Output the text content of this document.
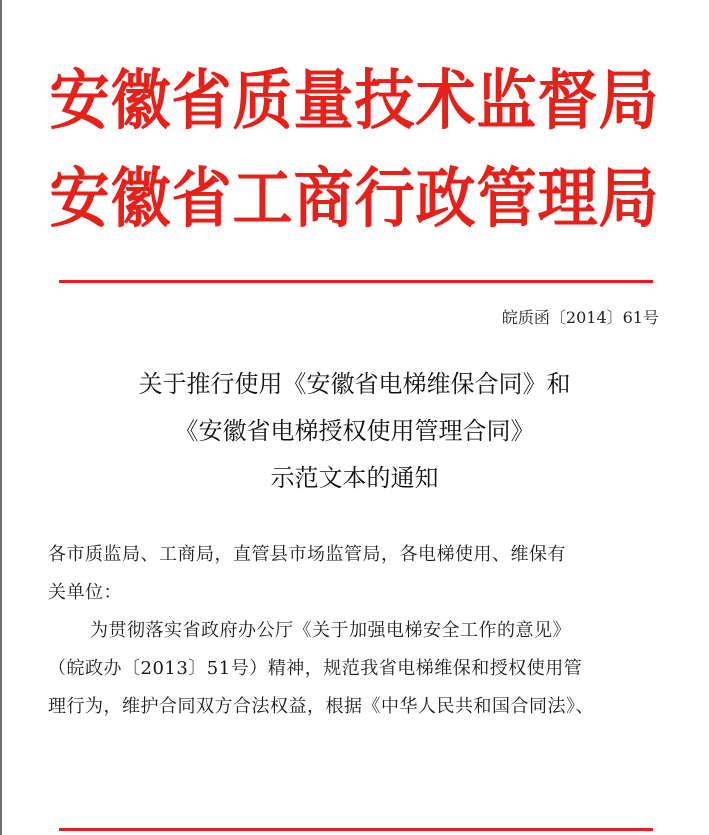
安徽省质量技术监督局
安徽省工商行政管理局
皖质函〔2014〕61号
关于推行使用《安徽省电梯维保合同》和
《安徽省电梯授权使用管理合同》
示范文本的通知
各市质监局、工商局，直管县市场监管局，各电梯使用、维保有
关单位：
为贯彻落实省政府办公厅《关于加强电梯安全工作的意见》
（皖政办〔2013〕51号）精神，规范我省电梯维保和授权使用管
理行为，维护合同双方合法权益，根据《中华人民共和国合同法》、
